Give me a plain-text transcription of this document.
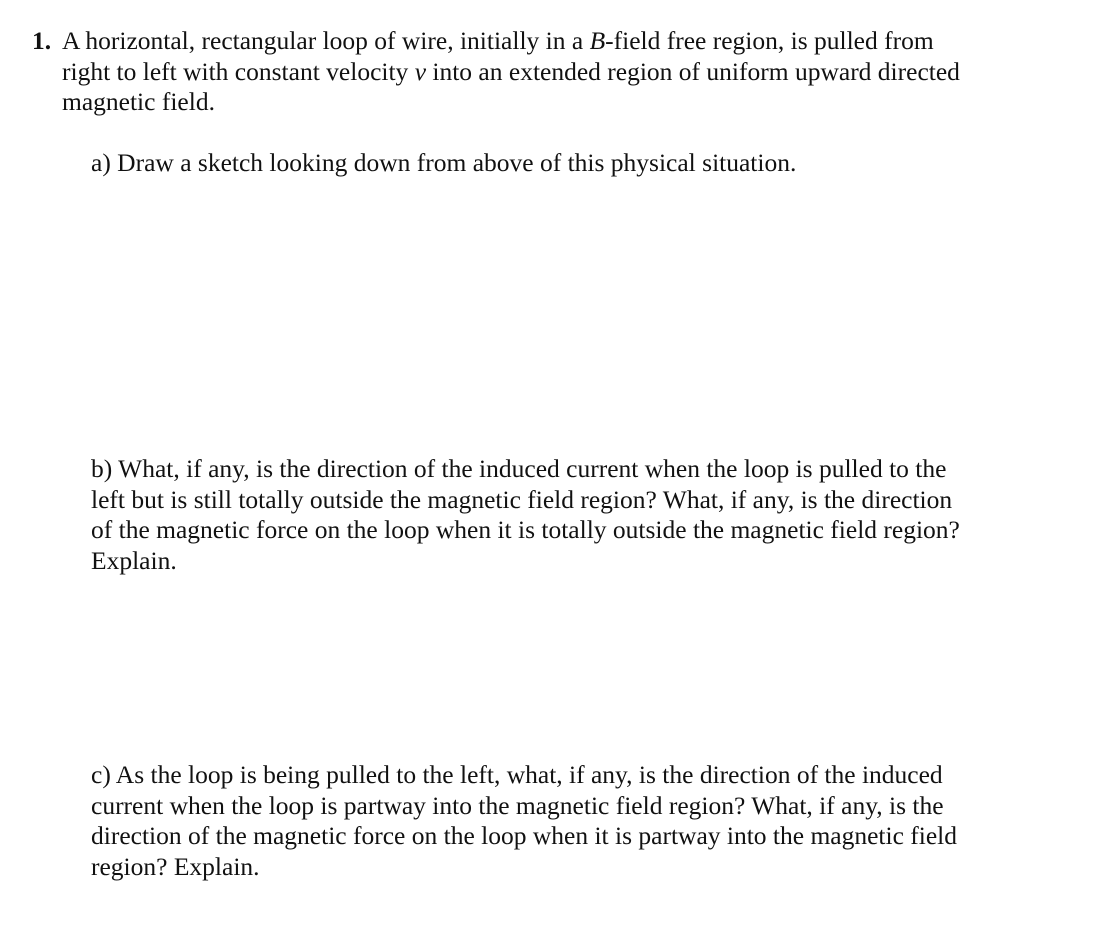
1. A horizontal, rectangular loop of wire, initially in a B-field free region, is pulled from right to left with constant velocity v into an extended region of uniform upward directed magnetic field.
a) Draw a sketch looking down from above of this physical situation.
b) What, if any, is the direction of the induced current when the loop is pulled to the left but is still totally outside the magnetic field region? What, if any, is the direction of the magnetic force on the loop when it is totally outside the magnetic field region? Explain.
c) As the loop is being pulled to the left, what, if any, is the direction of the induced current when the loop is partway into the magnetic field region? What, if any, is the direction of the magnetic force on the loop when it is partway into the magnetic field region? Explain.
